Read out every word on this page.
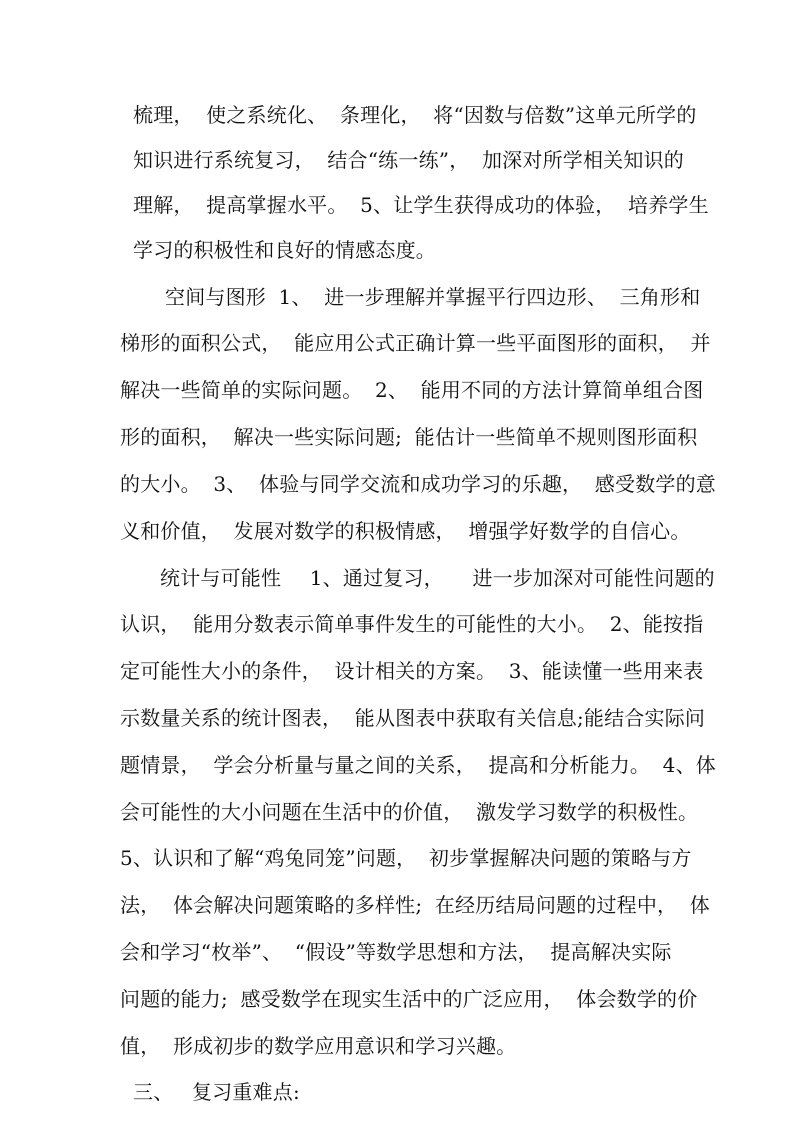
梳理， 使之系统化、 条理化， 将“因数与倍数”这单元所学的
知识进行系统复习， 结合“练一练”， 加深对所学相关知识的
理解， 提高掌握水平。 5、让学生获得成功的体验， 培养学生
学习的积极性和良好的情感态度。
空间与图形 1、 进一步理解并掌握平行四边形、 三角形和
梯形的面积公式， 能应用公式正确计算一些平面图形的面积， 并
解决一些简单的实际问题。 2、 能用不同的方法计算简单组合图
形的面积， 解决一些实际问题; 能估计一些简单不规则图形面积
的大小。 3、 体验与同学交流和成功学习的乐趣， 感受数学的意
义和价值， 发展对数学的积极情感， 增强学好数学的自信心。
统计与可能性 1、通过复习， 进一步加深对可能性问题的
认识， 能用分数表示简单事件发生的可能性的大小。 2、能按指
定可能性大小的条件， 设计相关的方案。 3、能读懂一些用来表
示数量关系的统计图表， 能从图表中获取有关信息;能结合实际问
题情景， 学会分析量与量之间的关系， 提高和分析能力。 4、体
会可能性的大小问题在生活中的价值， 激发学习数学的积极性。
5、认识和了解“鸡兔同笼”问题， 初步掌握解决问题的策略与方
法， 体会解决问题策略的多样性; 在经历结局问题的过程中， 体
会和学习“枚举”、 “假设”等数学思想和方法， 提高解决实际
问题的能力; 感受数学在现实生活中的广泛应用， 体会数学的价
值， 形成初步的数学应用意识和学习兴趣。
三、 复习重难点:
